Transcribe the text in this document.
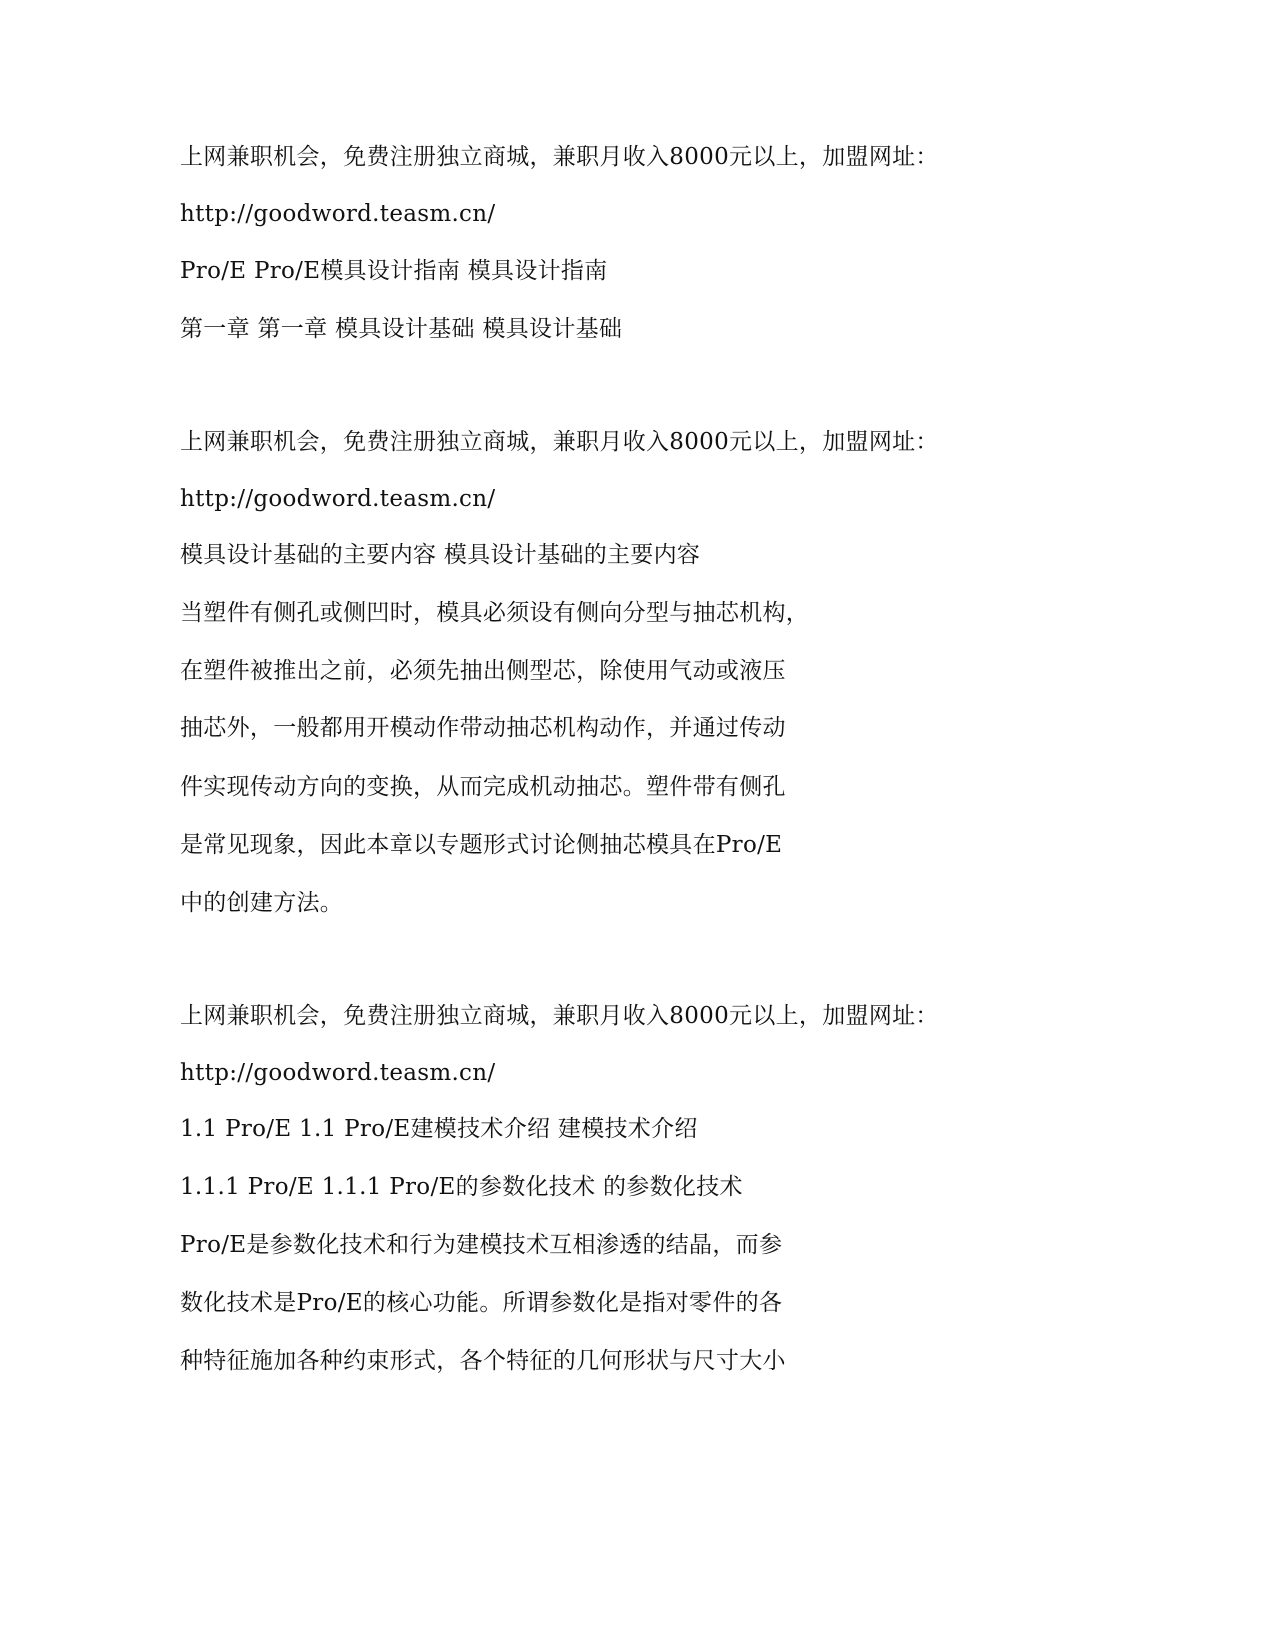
上网兼职机会，免费注册独立商城，兼职月收入8000元以上，加盟网址：
http://goodword.teasm.cn/
Pro/E Pro/E模具设计指南 模具设计指南
第一章 第一章 模具设计基础 模具设计基础
上网兼职机会，免费注册独立商城，兼职月收入8000元以上，加盟网址：
http://goodword.teasm.cn/
模具设计基础的主要内容 模具设计基础的主要内容
当塑件有侧孔或侧凹时，模具必须设有侧向分型与抽芯机构，
在塑件被推出之前，必须先抽出侧型芯，除使用气动或液压
抽芯外，一般都用开模动作带动抽芯机构动作，并通过传动
件实现传动方向的变换，从而完成机动抽芯。塑件带有侧孔
是常见现象，因此本章以专题形式讨论侧抽芯模具在Pro/E
中的创建方法。
上网兼职机会，免费注册独立商城，兼职月收入8000元以上，加盟网址：
http://goodword.teasm.cn/
1.1 Pro/E 1.1 Pro/E建模技术介绍 建模技术介绍
1.1.1 Pro/E 1.1.1 Pro/E的参数化技术 的参数化技术
Pro/E是参数化技术和行为建模技术互相渗透的结晶，而参
数化技术是Pro/E的核心功能。所谓参数化是指对零件的各
种特征施加各种约束形式，各个特征的几何形状与尺寸大小
